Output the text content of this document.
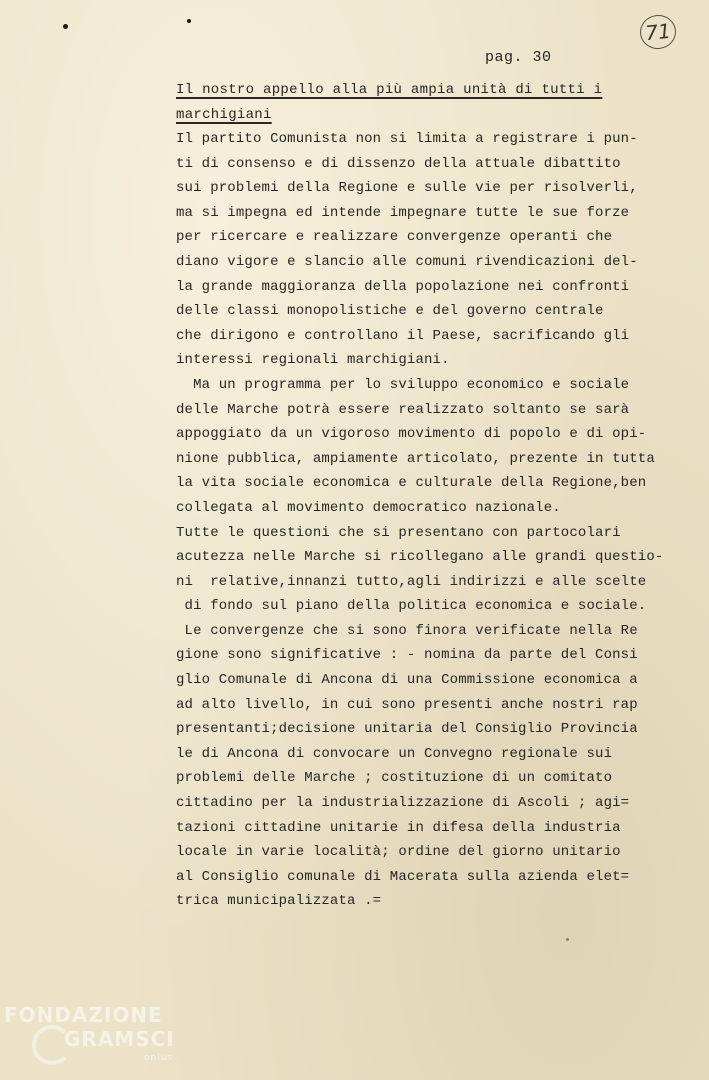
pag. 30
71
Il nostro appello alla più ampia unità di tutti i
marchigiani
Il partito Comunista non si limita a registrare i pun-
ti di consenso e di dissenzo della attuale dibattito
sui problemi della Regione e sulle vie per risolverli,
ma si impegna ed intende impegnare tutte le sue forze
per ricercare e realizzare convergenze operanti che
diano vigore e slancio alle comuni rivendicazioni del-
la grande maggioranza della popolazione nei confronti
delle classi monopolistiche e del governo centrale
che dirigono e controllano il Paese, sacrificando gli
interessi regionali marchigiani.
Ma un programma per lo sviluppo economico e sociale
delle Marche potrà essere realizzato soltanto se sarà
appoggiato da un vigoroso movimento di popolo e di opi-
nione pubblica, ampiamente articolato, prezente in tutta
la vita sociale economica e culturale della Regione,ben
collegata al movimento democratico nazionale.
Tutte le questioni che si presentano con partocolari
acutezza nelle Marche si ricollegano alle grandi questio-
ni  relative,innanzi tutto,agli indirizzi e alle scelte
di fondo sul piano della politica economica e sociale.
Le convergenze che si sono finora verificate nella Re
gione sono significative : - nomina da parte del Consi
glio Comunale di Ancona di una Commissione economica a
ad alto livello, in cui sono presenti anche nostri rap
presentanti;decisione unitaria del Consiglio Provincia
le di Ancona di convocare un Convegno regionale sui
problemi delle Marche ; costituzione di un comitato
cittadino per la industrializzazione di Ascoli ; agi=
tazioni cittadine unitarie in difesa della industria
locale in varie località; ordine del giorno unitario
al Consiglio comunale di Macerata sulla azienda elet=
trica municipalizzata .=
FONDAZIONE
GRAMSCI
onlus
